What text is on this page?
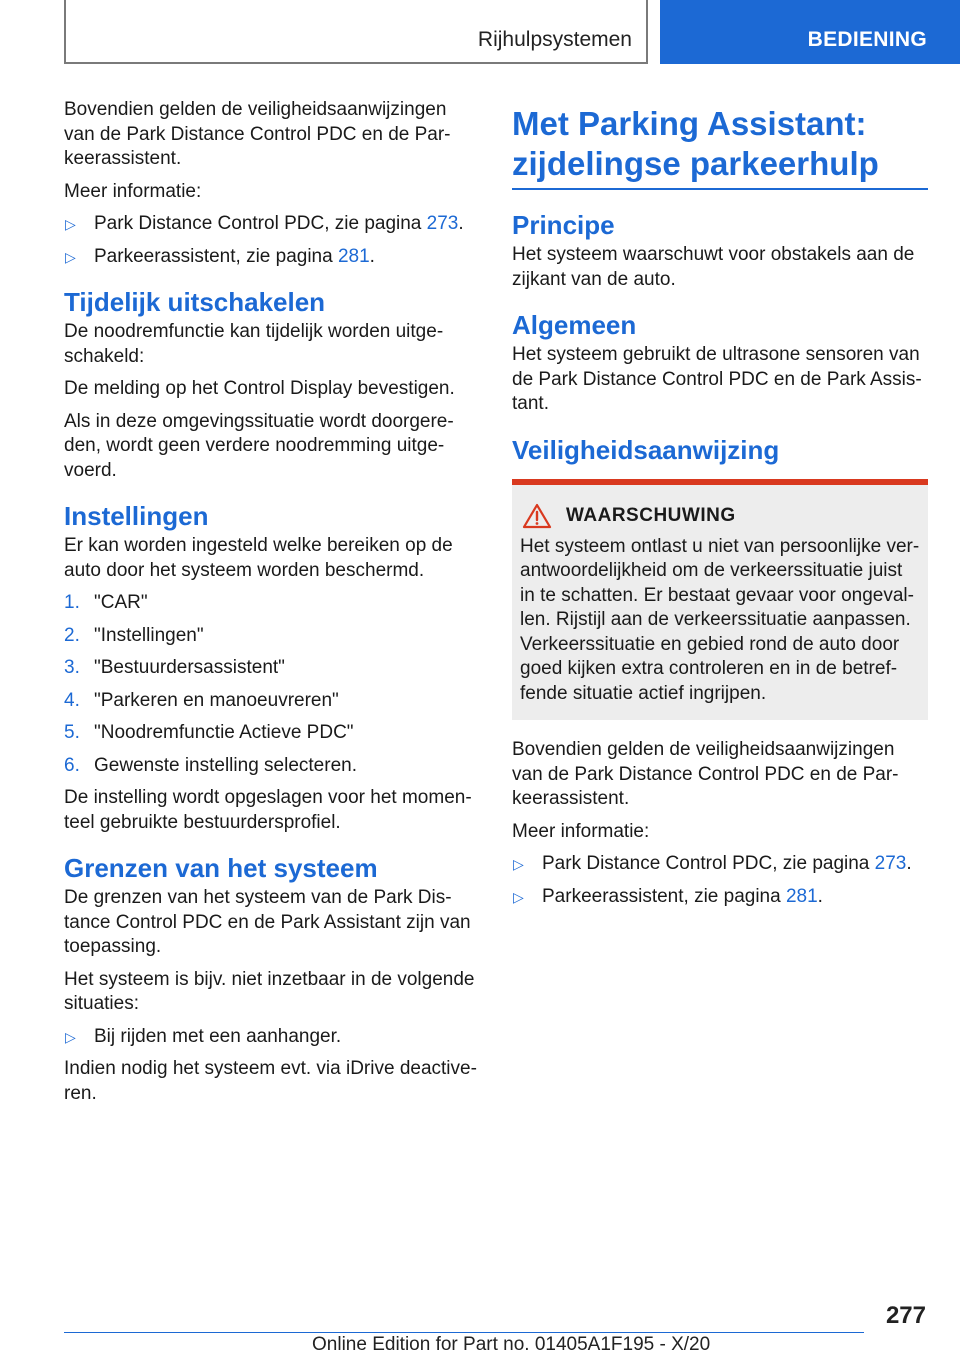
Rijhulpsystemen	BEDIENING

Bovendien gelden de veiligheidsaanwijzingen van de Park Distance Control PDC en de Par-keerassistent.

Meer informatie:

▷ Park Distance Control PDC, zie pagina 273.
▷ Parkeerassistent, zie pagina 281.
Tijdelijk uitschakelen

De noodremfunctie kan tijdelijk worden uitge-schakeld:

De melding op het Control Display bevestigen.

Als in deze omgevingssituatie wordt doorgere-den, wordt geen verdere noodremming uitge-voerd.

Instellingen

Er kan worden ingesteld welke bereiken op de auto door het systeem worden beschermd.

1. "CAR"
2. "Instellingen"
3. "Bestuurdersassistent"
4. "Parkeren en manoeuvreren"
5. "Noodremfunctie Actieve PDC"
6. Gewenste instelling selecteren.

De instelling wordt opgeslagen voor het momen-teel gebruikte bestuurdersprofiel.

Grenzen van het systeem

De grenzen van het systeem van de Park Dis-tance Control PDC en de Park Assistant zijn van toepassing.

Het systeem is bijv. niet inzetbaar in de volgende situaties:

▷ Bij rijden met een aanhanger.

Indien nodig het systeem evt. via iDrive deactive-ren.

Met Parking Assistant: zijdelingse parkeerhulp
Principe

Het systeem waarschuwt voor obstakels aan de zijkant van de auto.

Algemeen

Het systeem gebruikt de ultrasone sensoren van de Park Distance Control PDC en de Park Assis-tant.

Veiligheidsaanwijzing
WAARSCHUWING

Het systeem ontlast u niet van persoonlijke ver-antwoordelijkheid om de verkeerssituatie juist in te schatten. Er bestaat gevaar voor ongeval-len. Rijstijl aan de verkeerssituatie aanpassen. Verkeerssituatie en gebied rond de auto door goed kijken extra controleren en in de betref-fende situatie actief ingrijpen.

Bovendien gelden de veiligheidsaanwijzingen van de Park Distance Control PDC en de Par-keerassistent.

Meer informatie:

▷ Park Distance Control PDC, zie pagina 273.
▷ Parkeerassistent, zie pagina 281.
277
Online Edition for Part no. 01405A1F195 - X/20
